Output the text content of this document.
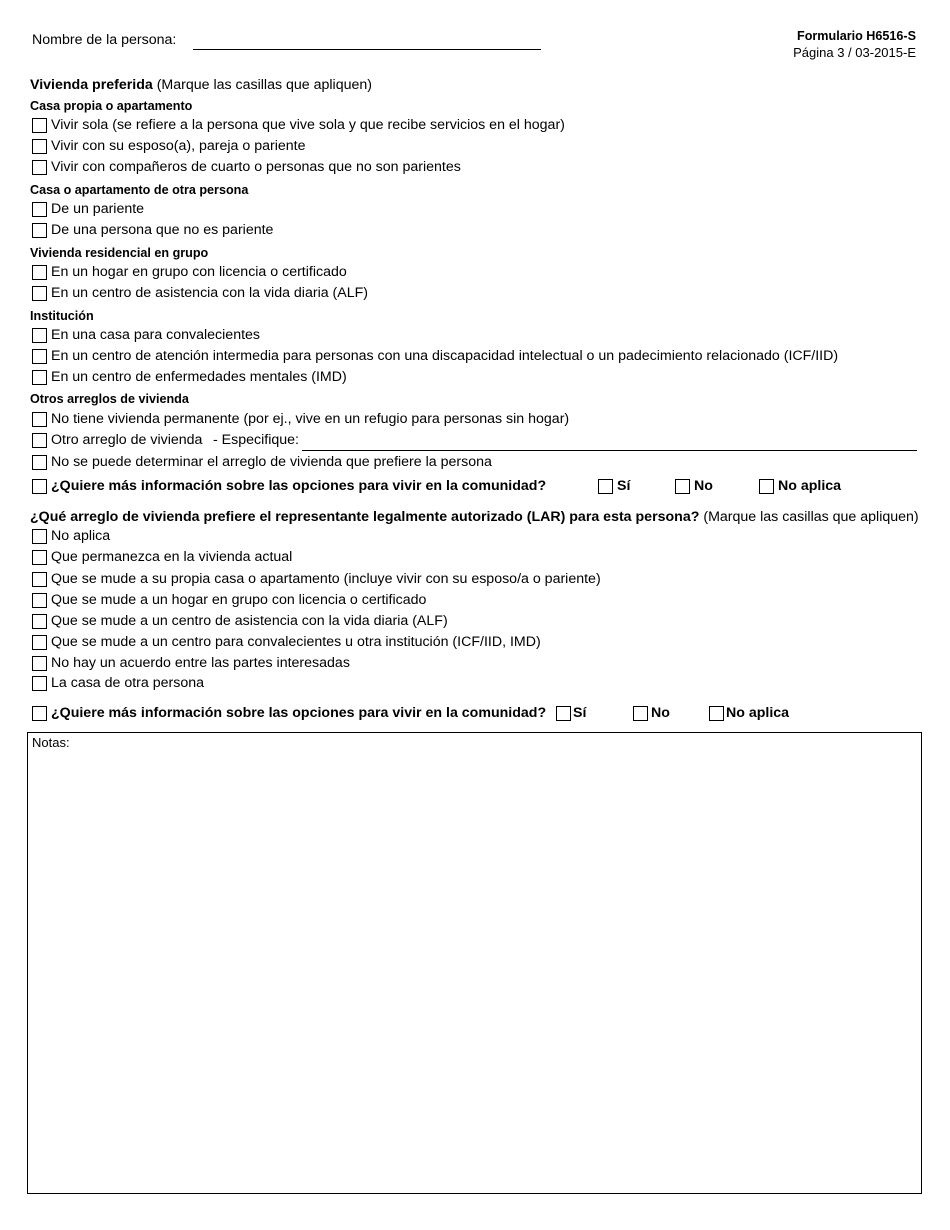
Nombre de la persona:	Formulario H6516-S
Página 3 / 03-2015-E
Vivienda preferida (Marque las casillas que apliquen)
Casa propia o apartamento
Vivir sola (se refiere a la persona que vive sola y que recibe servicios en el hogar)
Vivir con su esposo(a), pareja o pariente
Vivir con compañeros de cuarto o personas que no son parientes
Casa o apartamento de otra persona
De un pariente
De una persona que no es pariente
Vivienda residencial en grupo
En un hogar en grupo con licencia o certificado
En un centro de asistencia con la vida diaria (ALF)
Institución
En una casa para convalecientes
En un centro de atención intermedia para personas con una discapacidad intelectual o un padecimiento relacionado (ICF/IID)
En un centro de enfermedades mentales (IMD)
Otros arreglos de vivienda
No tiene vivienda permanente (por ej., vive en un refugio para personas sin hogar)
Otro arreglo de vivienda - Especifique:
No se puede determinar el arreglo de vivienda que prefiere la persona
¿Quiere más información sobre las opciones para vivir en la comunidad?	Sí	No	No aplica
¿Qué arreglo de vivienda prefiere el representante legalmente autorizado (LAR) para esta persona? (Marque las casillas que apliquen)
No aplica
Que permanezca en la vivienda actual
Que se mude a su propia casa o apartamento (incluye vivir con su esposo/a o pariente)
Que se mude a un hogar en grupo con licencia o certificado
Que se mude a un centro de asistencia con la vida diaria (ALF)
Que se mude a un centro para convalecientes u otra institución (ICF/IID, IMD)
No hay un acuerdo entre las partes interesadas
La casa de otra persona
¿Quiere más información sobre las opciones para vivir en la comunidad? Sí	No	No aplica
Notas:
